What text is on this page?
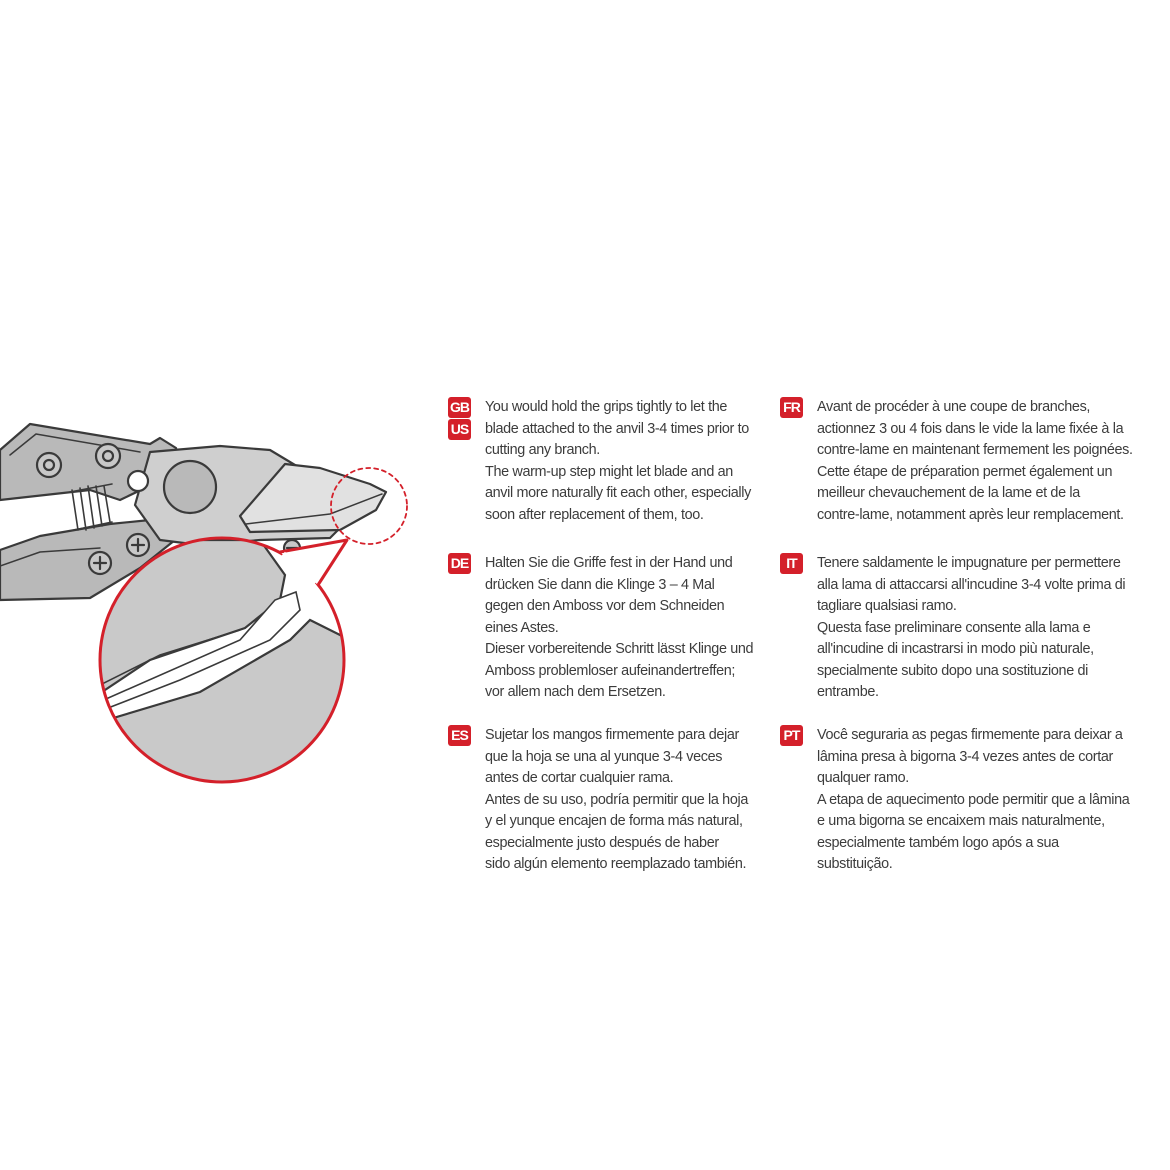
GB
US

You would hold the grips tightly to let the

blade attached to the anvil 3-4 times prior to

cutting any branch.

The warm-up step might let blade and an

anvil more naturally fit each other, especially

soon after replacement of them, too.

FR Avant de procéder à une coupe de branches,

actionnez 3 ou 4 fois dans le vide la lame fixée à la

contre-lame en maintenant fermement les poignées.

Cette étape de préparation permet également un

meilleur chevauchement de la lame et de la

contre-lame, notamment après leur remplacement.

DE Halten Sie die Griffe fest in der Hand und

drücken Sie dann die Klinge 3 – 4 Mal

gegen den Amboss vor dem Schneiden

eines Astes.

Dieser vorbereitende Schritt lässt Klinge und

Amboss problemloser aufeinandertreffen;

vor allem nach dem Ersetzen.

IT	Tenere saldamente le impugnature per permettere

alla lama di attaccarsi all'incudine 3-4 volte prima di

tagliare qualsiasi ramo.

Questa fase preliminare consente alla lama e

all'incudine di incastrarsi in modo più naturale,

specialmente subito dopo una sostituzione di

entrambe.

ES Sujetar los mangos firmemente para dejar

que la hoja se una al yunque 3-4 veces

antes de cortar cualquier rama.

Antes de su uso, podría permitir que la hoja

y el yunque encajen de forma más natural,

especialmente justo después de haber

sido algún elemento reemplazado también.

PT Você seguraria as pegas firmemente para deixar a

lâmina presa à bigorna 3-4 vezes antes de cortar

qualquer ramo.

A etapa de aquecimento pode permitir que a lâmina

e uma bigorna se encaixem mais naturalmente,

especialmente também logo após a sua

substituição.
